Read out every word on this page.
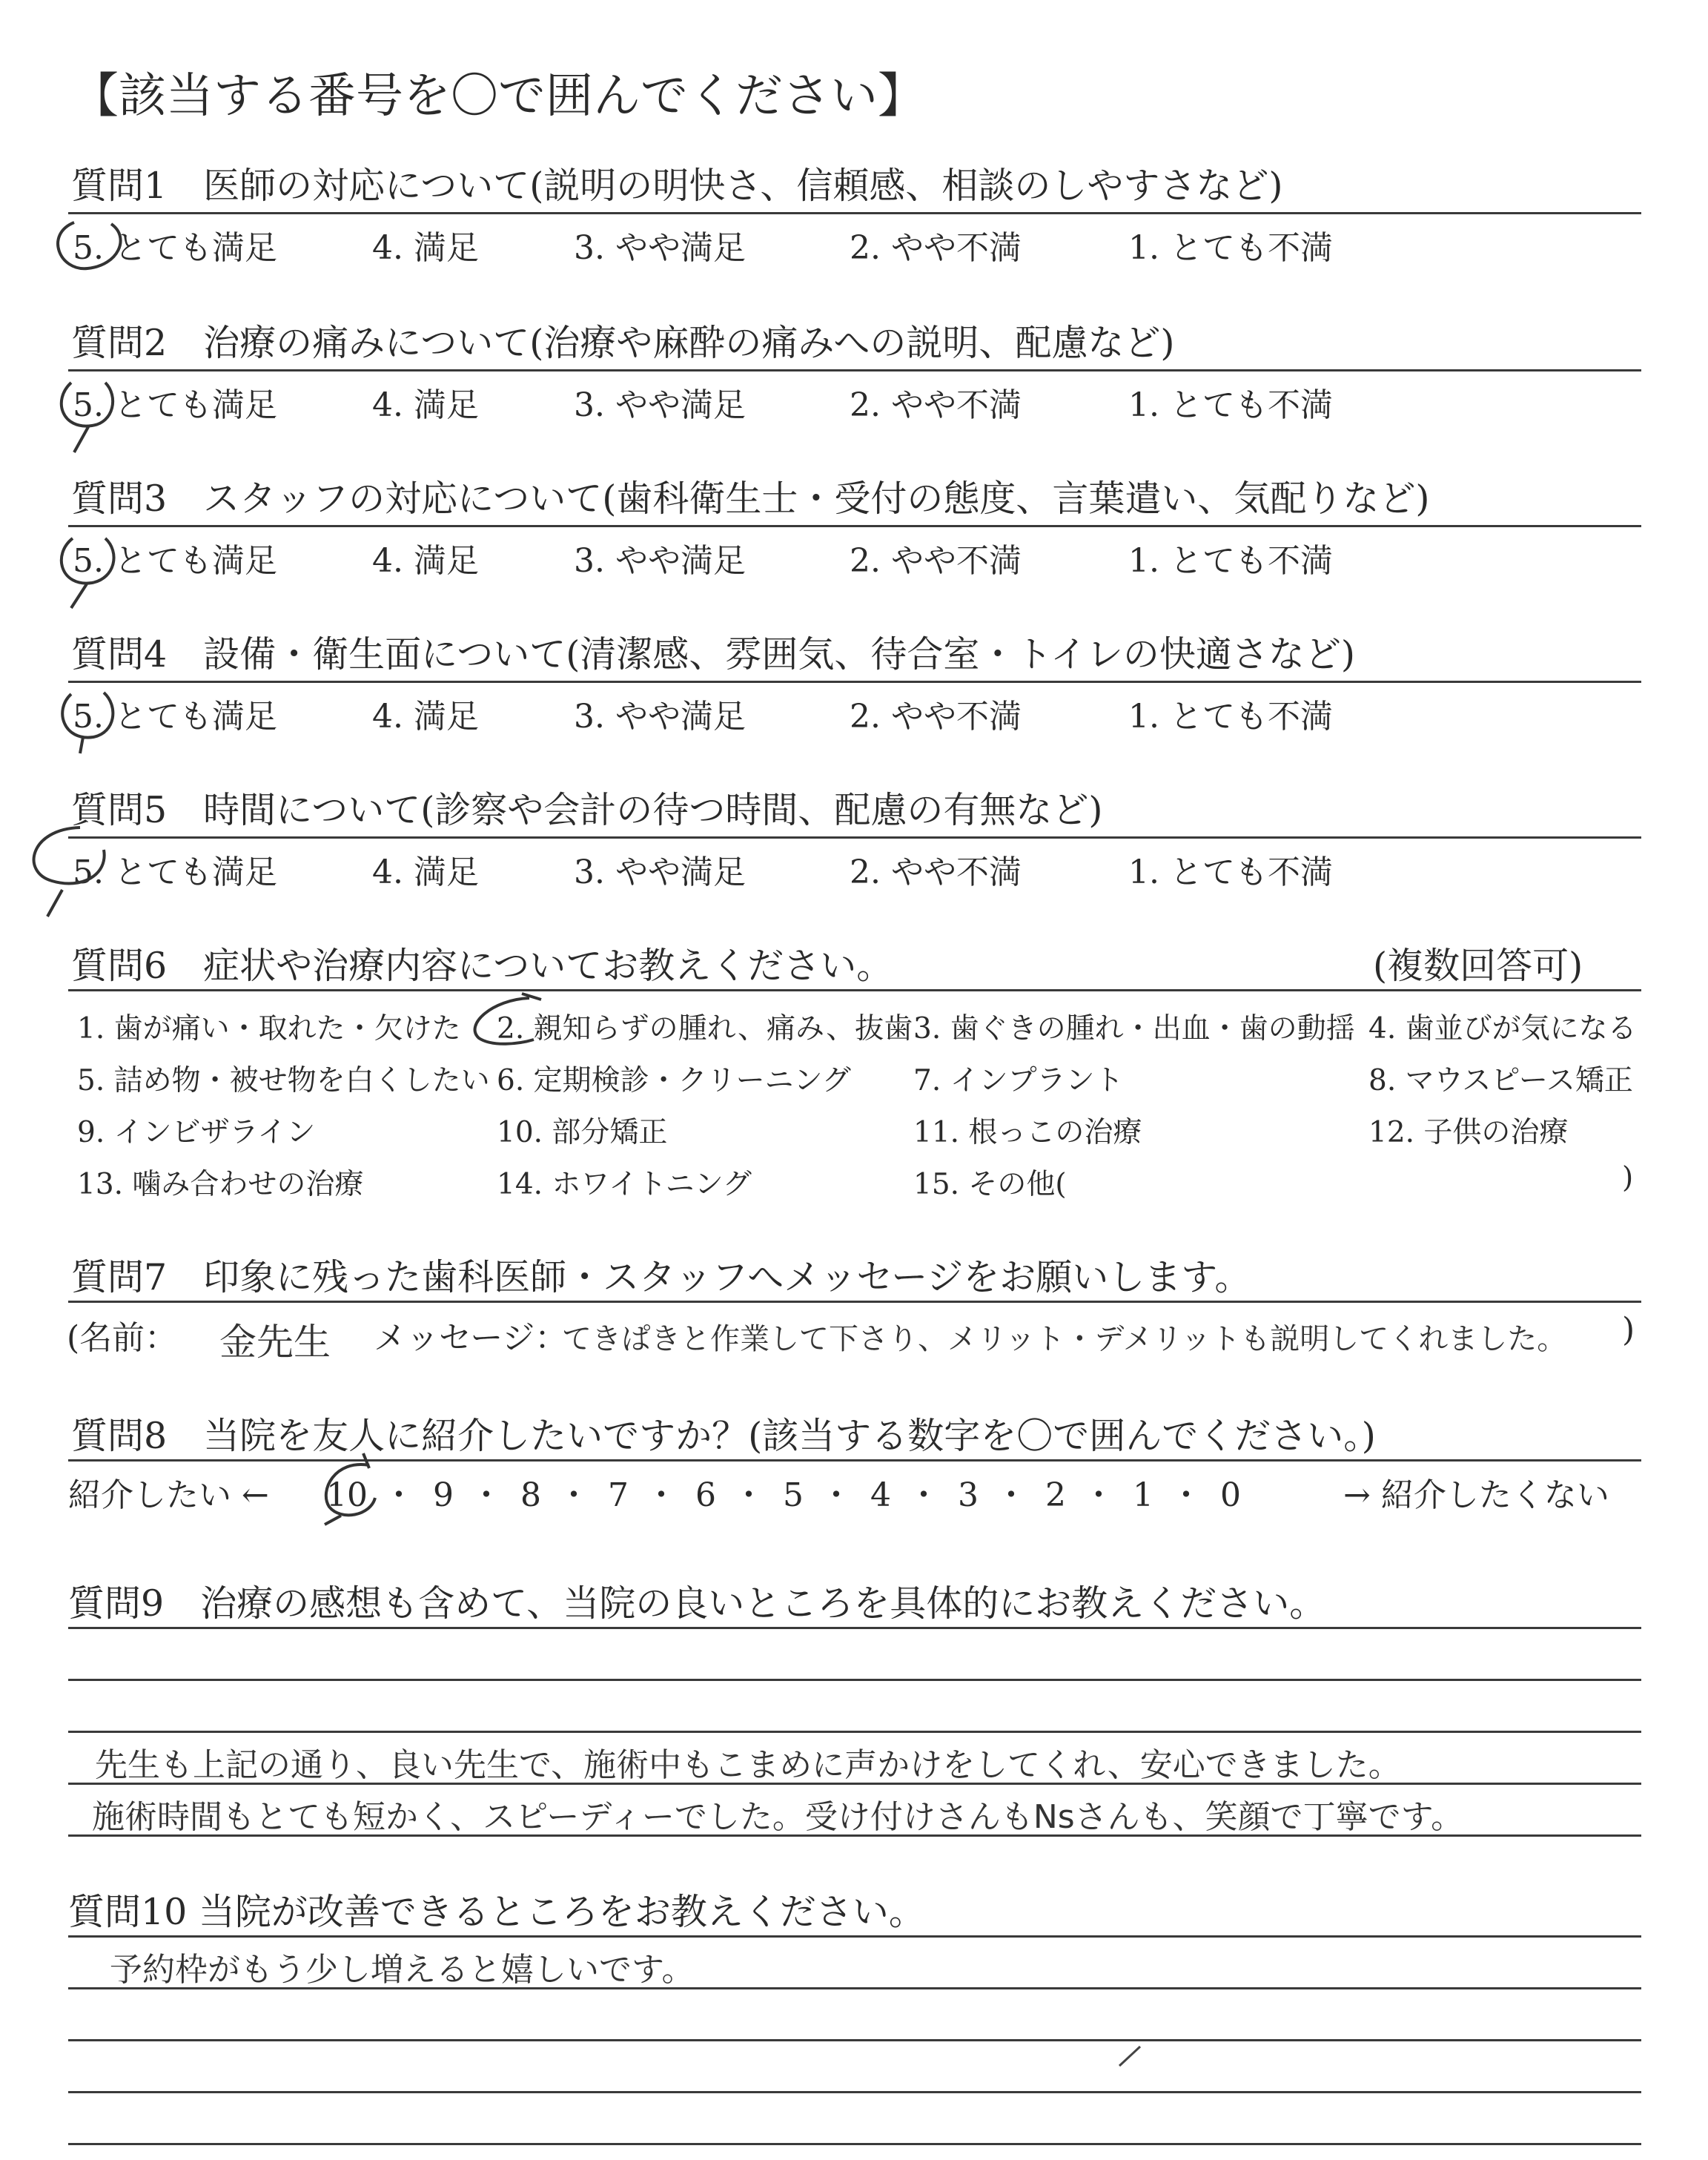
【該当する番号を〇で囲んでください】
質問1　医師の対応について(説明の明快さ、信頼感、相談のしやすさなど)
5. とても満足	4. 満足	3. やや満足	2. やや不満	1. とても不満
質問2　治療の痛みについて(治療や麻酔の痛みへの説明、配慮など)
5. とても満足	4. 満足	3. やや満足	2. やや不満	1. とても不満
質問3　スタッフの対応について(歯科衛生士・受付の態度、言葉遣い、気配りなど)
5. とても満足	4. 満足	3. やや満足	2. やや不満	1. とても不満
質問4　設備・衛生面について(清潔感、雰囲気、待合室・トイレの快適さなど)
5. とても満足	4. 満足	3. やや満足	2. やや不満	1. とても不満
質問5　時間について(診察や会計の待つ時間、配慮の有無など)
5. とても満足	4. 満足	3. やや満足	2. やや不満	1. とても不満
質問6　症状や治療内容についてお教えください。	(複数回答可)
1. 歯が痛い・取れた・欠けた 2. 親知らずの腫れ、痛み、抜歯 3. 歯ぐきの腫れ・出血・歯の動揺 4. 歯並びが気になる
5. 詰め物・被せ物を白くしたい 6. 定期検診・クリーニング 7. インプラント	8. マウスピース矯正
9. インビザライン	10. 部分矯正	11. 根っこの治療	12. 子供の治療
13. 噛み合わせの治療	14. ホワイトニング	15. その他(	)
質問7　印象に残った歯科医師・スタッフへメッセージをお願いします。
(名前： 金先生 メッセージ：
てきぱきと作業して下さり、メリット・デメリットも説明してくれました。 )
質問8　当院を友人に紹介したいですか？(該当する数字を〇で囲んでください。)
紹介したい ← 10 ・ 9 ・ 8 ・ 7 ・ 6 ・ 5 ・ 4 ・ 3 ・ 2 ・ 1 ・ 0	→ 紹介したくない
質問9　治療の感想も含めて、当院の良いところを具体的にお教えください。
先生も上記の通り、良い先生で、施術中もこまめに声かけをしてくれ、安心できました。
施術時間もとても短かく、スピーディーでした。受け付けさんもNsさんも、笑顔で丁寧です。
質問10 当院が改善できるところをお教えください。
予約枠がもう少し増えると嬉しいです。
